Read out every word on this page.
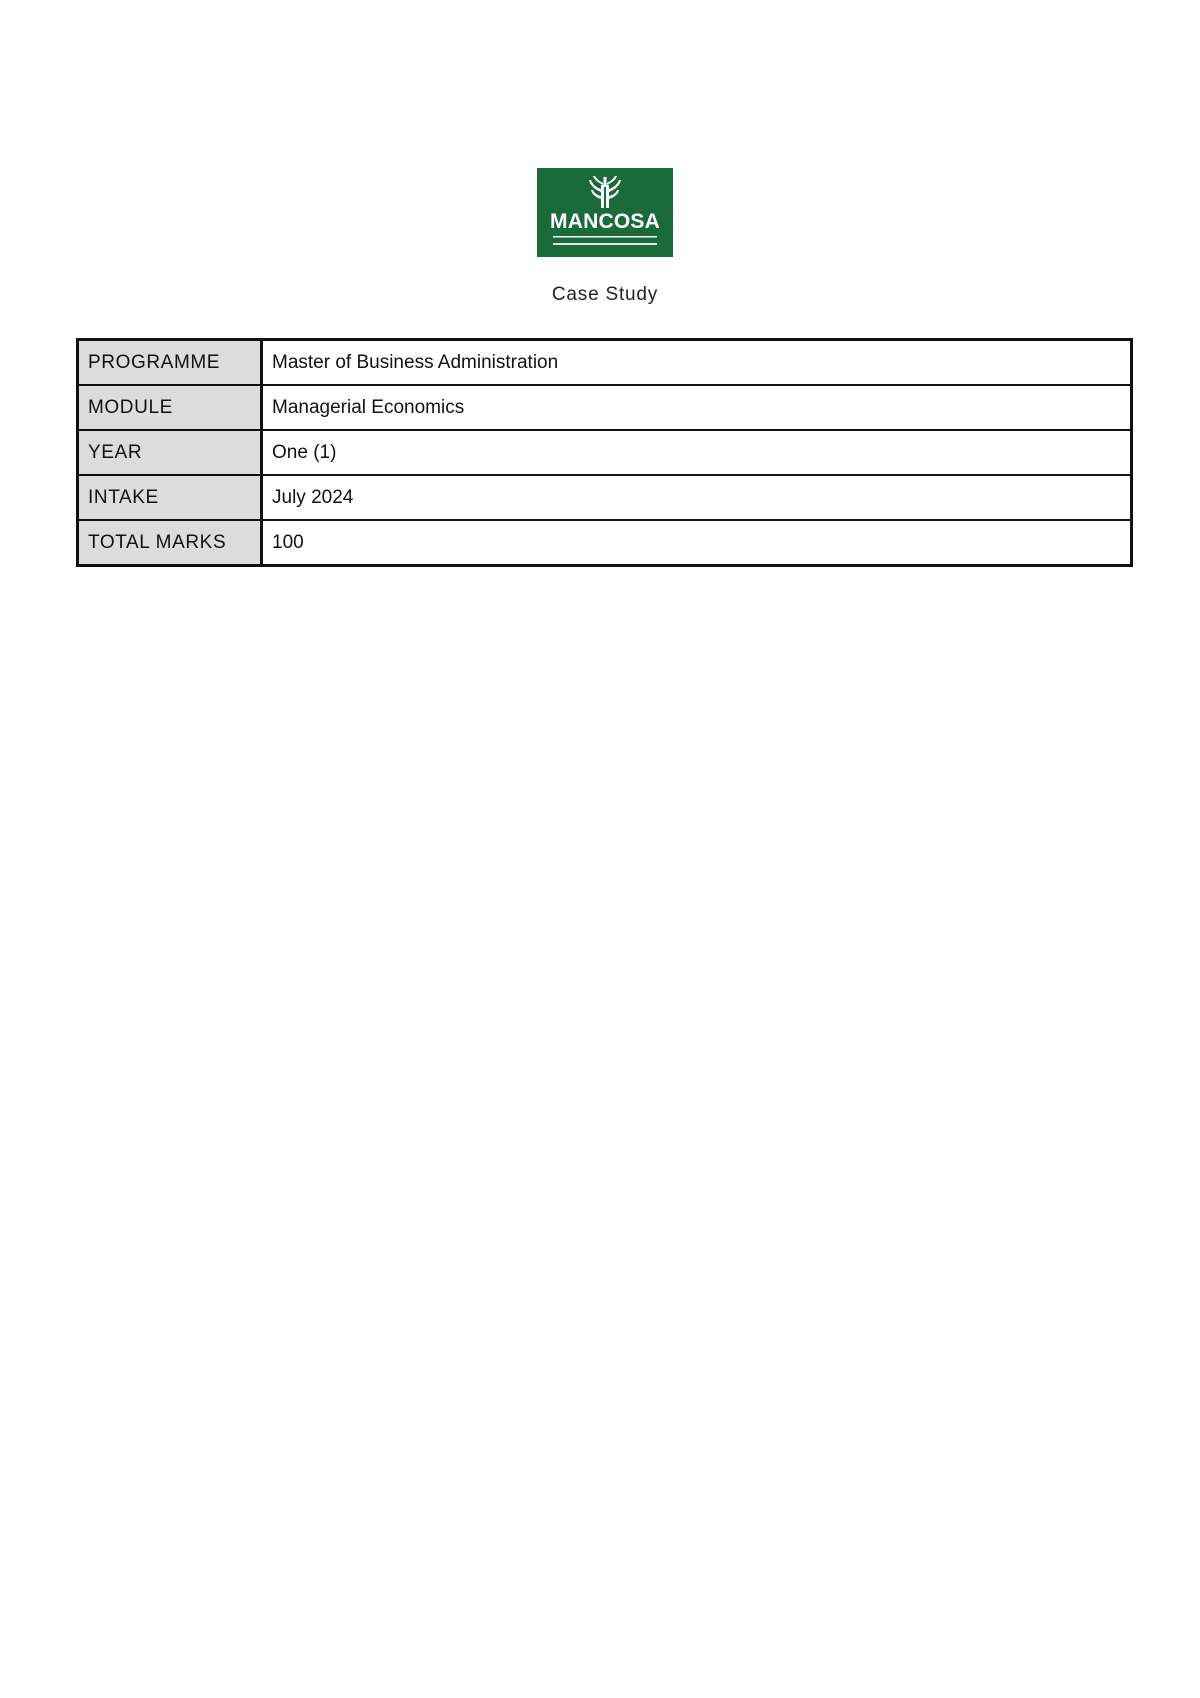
MANCOSA
Case Study
PROGRAMME	Master of Business Administration
MODULE	Managerial Economics
YEAR	One (1)
INTAKE	July 2024
TOTAL MARKS	100
